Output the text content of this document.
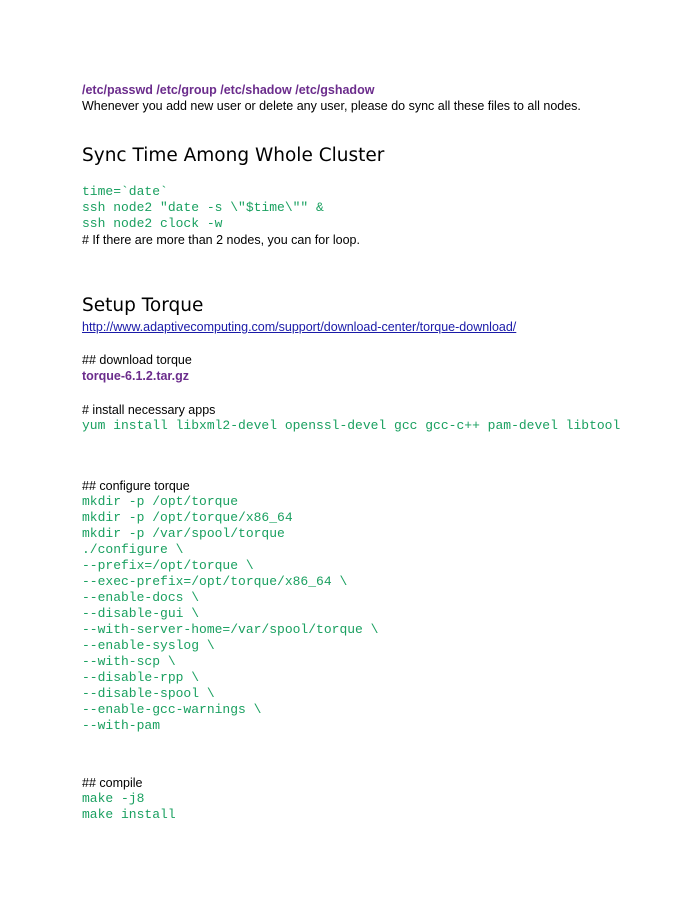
/etc/passwd /etc/group /etc/shadow /etc/gshadow

Whenever you add new user or delete any user, please do sync all these files to all nodes.

Sync Time Among Whole Cluster

time=`date`

ssh node2 "date -s \"$time\"" &

ssh node2 clock -w

# If there are more than 2 nodes, you can for loop.

Setup Torque
http://www.adaptivecomputing.com/support/download-center/torque-download/

## download torque

torque-6.1.2.tar.gz

# install necessary apps

yum install libxml2-devel openssl-devel gcc gcc-c++ pam-devel libtool

## configure torque

mkdir -p /opt/torque

mkdir -p /opt/torque/x86_64

mkdir -p /var/spool/torque

./configure \

--prefix=/opt/torque \

--exec-prefix=/opt/torque/x86_64 \

--enable-docs \

--disable-gui \

--with-server-home=/var/spool/torque \

--enable-syslog \

--with-scp \

--disable-rpp \

--disable-spool \

--enable-gcc-warnings \

--with-pam

## compile

make -j8

make install
